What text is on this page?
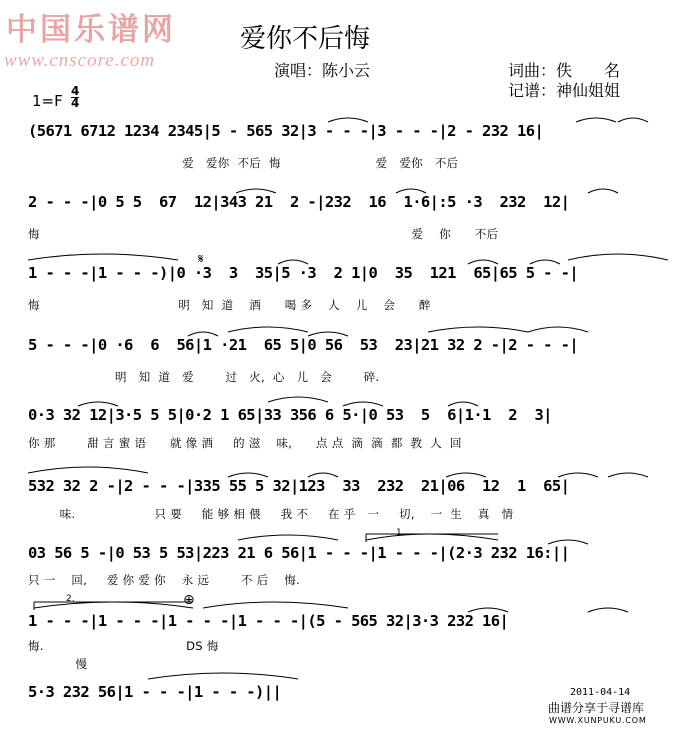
中国乐谱网
www.cnscore.com
爱你不后悔
演唱：陈小云	词曲：佚　　名
记谱：神仙姐姐
1=F
4
4
(5671 6712 1234 2345|5 - 565 32|3 - - -|3 - - -|2 - 232 16|
爱   爱你  不后  悔                        爱   爱你   不后
2 - - -|0 5 5  67  12|343 21  2 -|232  16  1·6|:5 ·3  232  12|
悔                                                                                              爱    你      不后
1 - - -|1 - - -)|0 ·3  3  35|5 ·3  2 1|0  35  121  65|65 5 - -|
悔                                   明   知  道    酒      喝 多    人    儿    会      醉
𝄋
5 - - -|0 ·6  6  56|1 ·21  65 5|0 56  53  23|21 32 2 -|2 - - -|
明   知  道   爱        过   火,  心   儿   会        碎.
0·3 32 12|3·5 5 5|0·2 1 65|33 356 6 5·|0 53  5  6|1·1  2  3|
你 那        甜 言 蜜 语      就 像 酒     的 滋    味,      点 点  滴  滴  都  教  人  回
532 32 2 -|2 - - -|335 55 5 32|123  33  232  21|06  12  1  65|
味.                    只 要     能 够 相 偎     我 不     在 乎   一     切,    一  生    真   情
03 56 5 -|0 53 5 53|223 21 6 56|1 - - -|1 - - -|(2·3 232 16:||
只 一    回,     爱 你 爱 你    永 远        不 后    悔.
1.
1 - - -|1 - - -|1 - - -|1 - - -|(5 - 565 32|3·3 232 16|
悔.                                    DS 悔
慢
2.	⊕
5·3 232 56|1 - - -|1 - - -)||	2011-04-14
曲谱分享于寻谱库
WWW.XUNPUKU.COM
